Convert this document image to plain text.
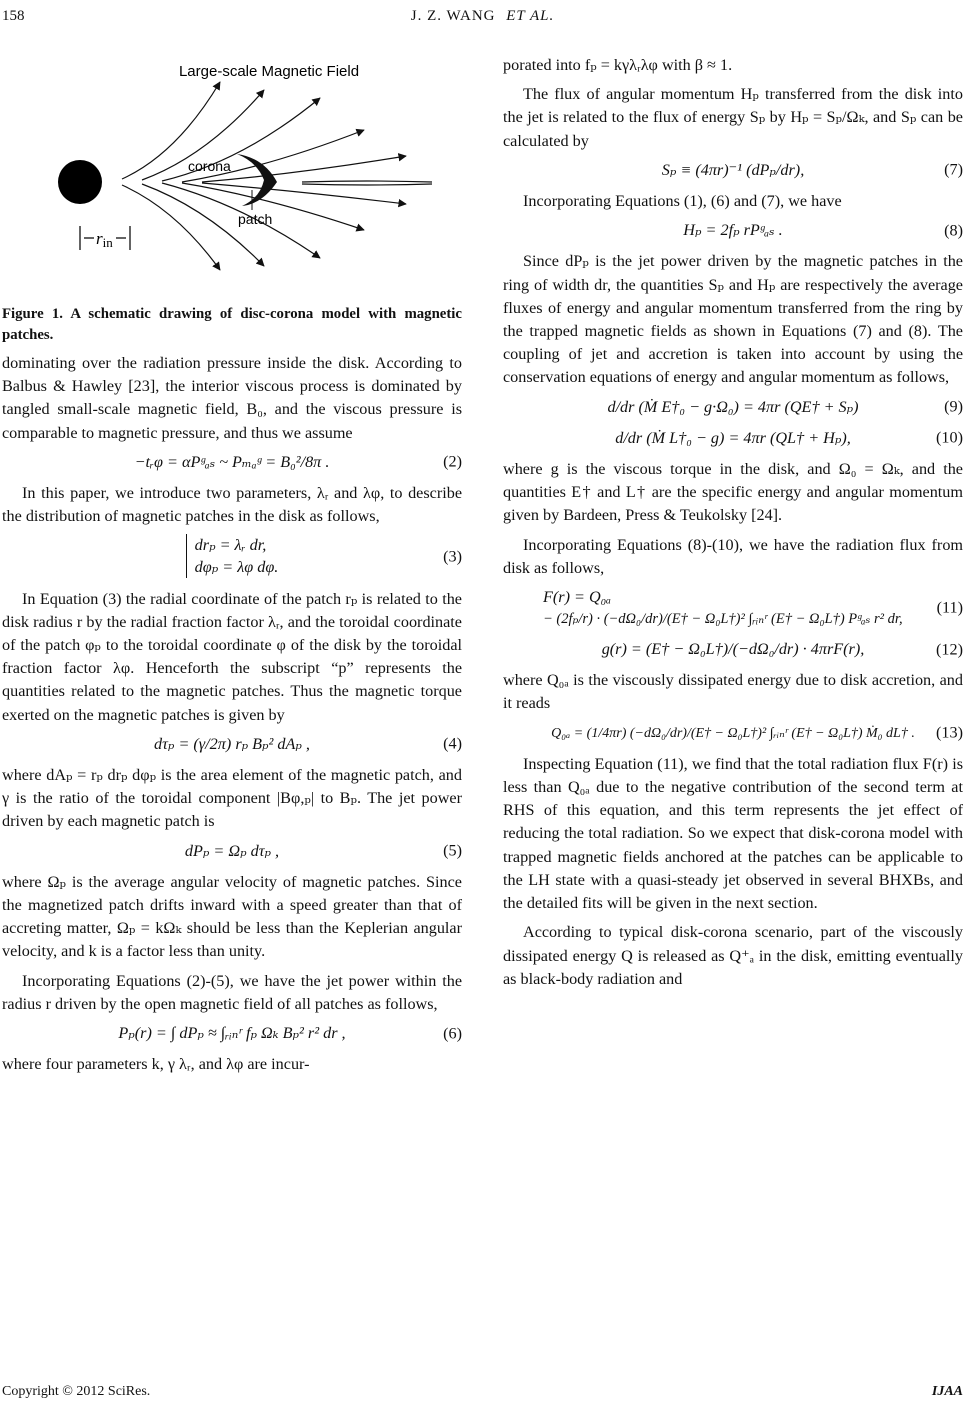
158	J. Z. WANG ET AL.
Large-scale Magnetic Field
corona
patch
rin

Figure 1. A schematic drawing of disc-corona model with magnetic patches.

dominating over the radiation pressure inside the disk. According to Balbus & Hawley [23], the interior viscous process is dominated by tangled small-scale magnetic field, B₀, and the viscous pressure is comparable to magnetic pressure, and thus we assume

−tᵣφ = αPᵍₐₛ ~ Pₘₐᵍ = B₀²/8π .	(2)

In this paper, we introduce two parameters, λᵣ and λφ, to describe the distribution of magnetic patches in the disk as follows,

drₚ = λᵣ dr,
dφₚ = λφ dφ.
(3)

In Equation (3) the radial coordinate of the patch rₚ is related to the disk radius r by the radial fraction factor λᵣ, and the toroidal coordinate of the patch φₚ to the toroidal coordinate φ of the disk by the toroidal fraction factor λφ. Henceforth the subscript “p” represents the quantities related to the magnetic patches. Thus the magnetic torque exerted on the magnetic patches is given by

dτₚ = (γ/2π) rₚ Bₚ² dAₚ ,	(4)

where dAₚ = rₚ drₚ dφₚ is the area element of the magnetic patch, and γ is the ratio of the toroidal component |Bφ,ₚ| to Bₚ. The jet power driven by each magnetic patch is

dPₚ = Ωₚ dτₚ ,	(5)

where Ωₚ is the average angular velocity of magnetic patches. Since the magnetized patch drifts inward with a speed greater than that of accreting matter, Ωₚ = kΩₖ should be less than the Keplerian angular velocity, and k is a factor less than unity.

Incorporating Equations (2)-(5), we have the jet power within the radius r driven by the open magnetic field of all patches as follows,

Pₚ(r) = ∫ dPₚ ≈ ∫ᵣᵢₙʳ fₚ Ωₖ Bₚ² r² dr ,	(6)

where four parameters k, γ λᵣ, and λφ are incur-

porated into fₚ = kγλᵣλφ with β ≈ 1.

The flux of angular momentum Hₚ transferred from the disk into the jet is related to the flux of energy Sₚ by Hₚ = Sₚ/Ωₖ, and Sₚ can be calculated by

Sₚ ≡ (4πr)⁻¹ (dPₚ/dr),	(7)

Incorporating Equations (1), (6) and (7), we have

Hₚ = 2fₚ rPᵍₐₛ .	(8)

Since dPₚ is the jet power driven by the magnetic patches in the ring of width dr, the quantities Sₚ and Hₚ are respectively the average fluxes of energy and angular momentum transferred from the ring by the trapped magnetic fields as shown in Equations (7) and (8). The coupling of jet and accretion is taken into account by using the conservation equations of energy and angular momentum as follows,

d/dr (Ṁ E†₀ − g·Ω₀) = 4πr (QE† + Sₚ)	(9)
d/dr (Ṁ L†₀ − g) = 4πr (QL† + Hₚ),	(10)

where g is the viscous torque in the disk, and Ω₀ = Ωₖ, and the quantities E† and L† are the specific energy and angular momentum given by Bardeen, Press & Teukolsky [24].

Incorporating Equations (8)-(10), we have the radiation flux from disk as follows,

F(r) = Q₀ₐ
− (2fₚ/r) · (−dΩ₀/dr)/(E† − Ω₀L†)² ∫ᵣᵢₙʳ (E† − Ω₀L†) Pᵍₐₛ r² dr,
(11)
g(r) = (E† − Ω₀L†)/(−dΩ₀/dr) · 4πrF(r),	(12)

where Q₀ₐ is the viscously dissipated energy due to disk accretion, and it reads

Q₀ₐ = (1/4πr) (−dΩ₀/dr)/(E† − Ω₀L†)² ∫ᵣᵢₙʳ (E† − Ω₀L†) Ṁ₀ dL† .	(13)

Inspecting Equation (11), we find that the total radiation flux F(r) is less than Q₀ₐ due to the negative contribution of the second term at RHS of this equation, and this term represents the jet effect of reducing the total radiation. So we expect that disk-corona model with trapped magnetic fields anchored at the patches can be applicable to the LH state with a quasi-steady jet observed in several BHXBs, and the detailed fits will be given in the next section.

According to typical disk-corona scenario, part of the viscously dissipated energy Q is released as Q⁺ₐ in the disk, emitting eventually as black-body radiation and

Copyright © 2012 SciRes.	IJAA
